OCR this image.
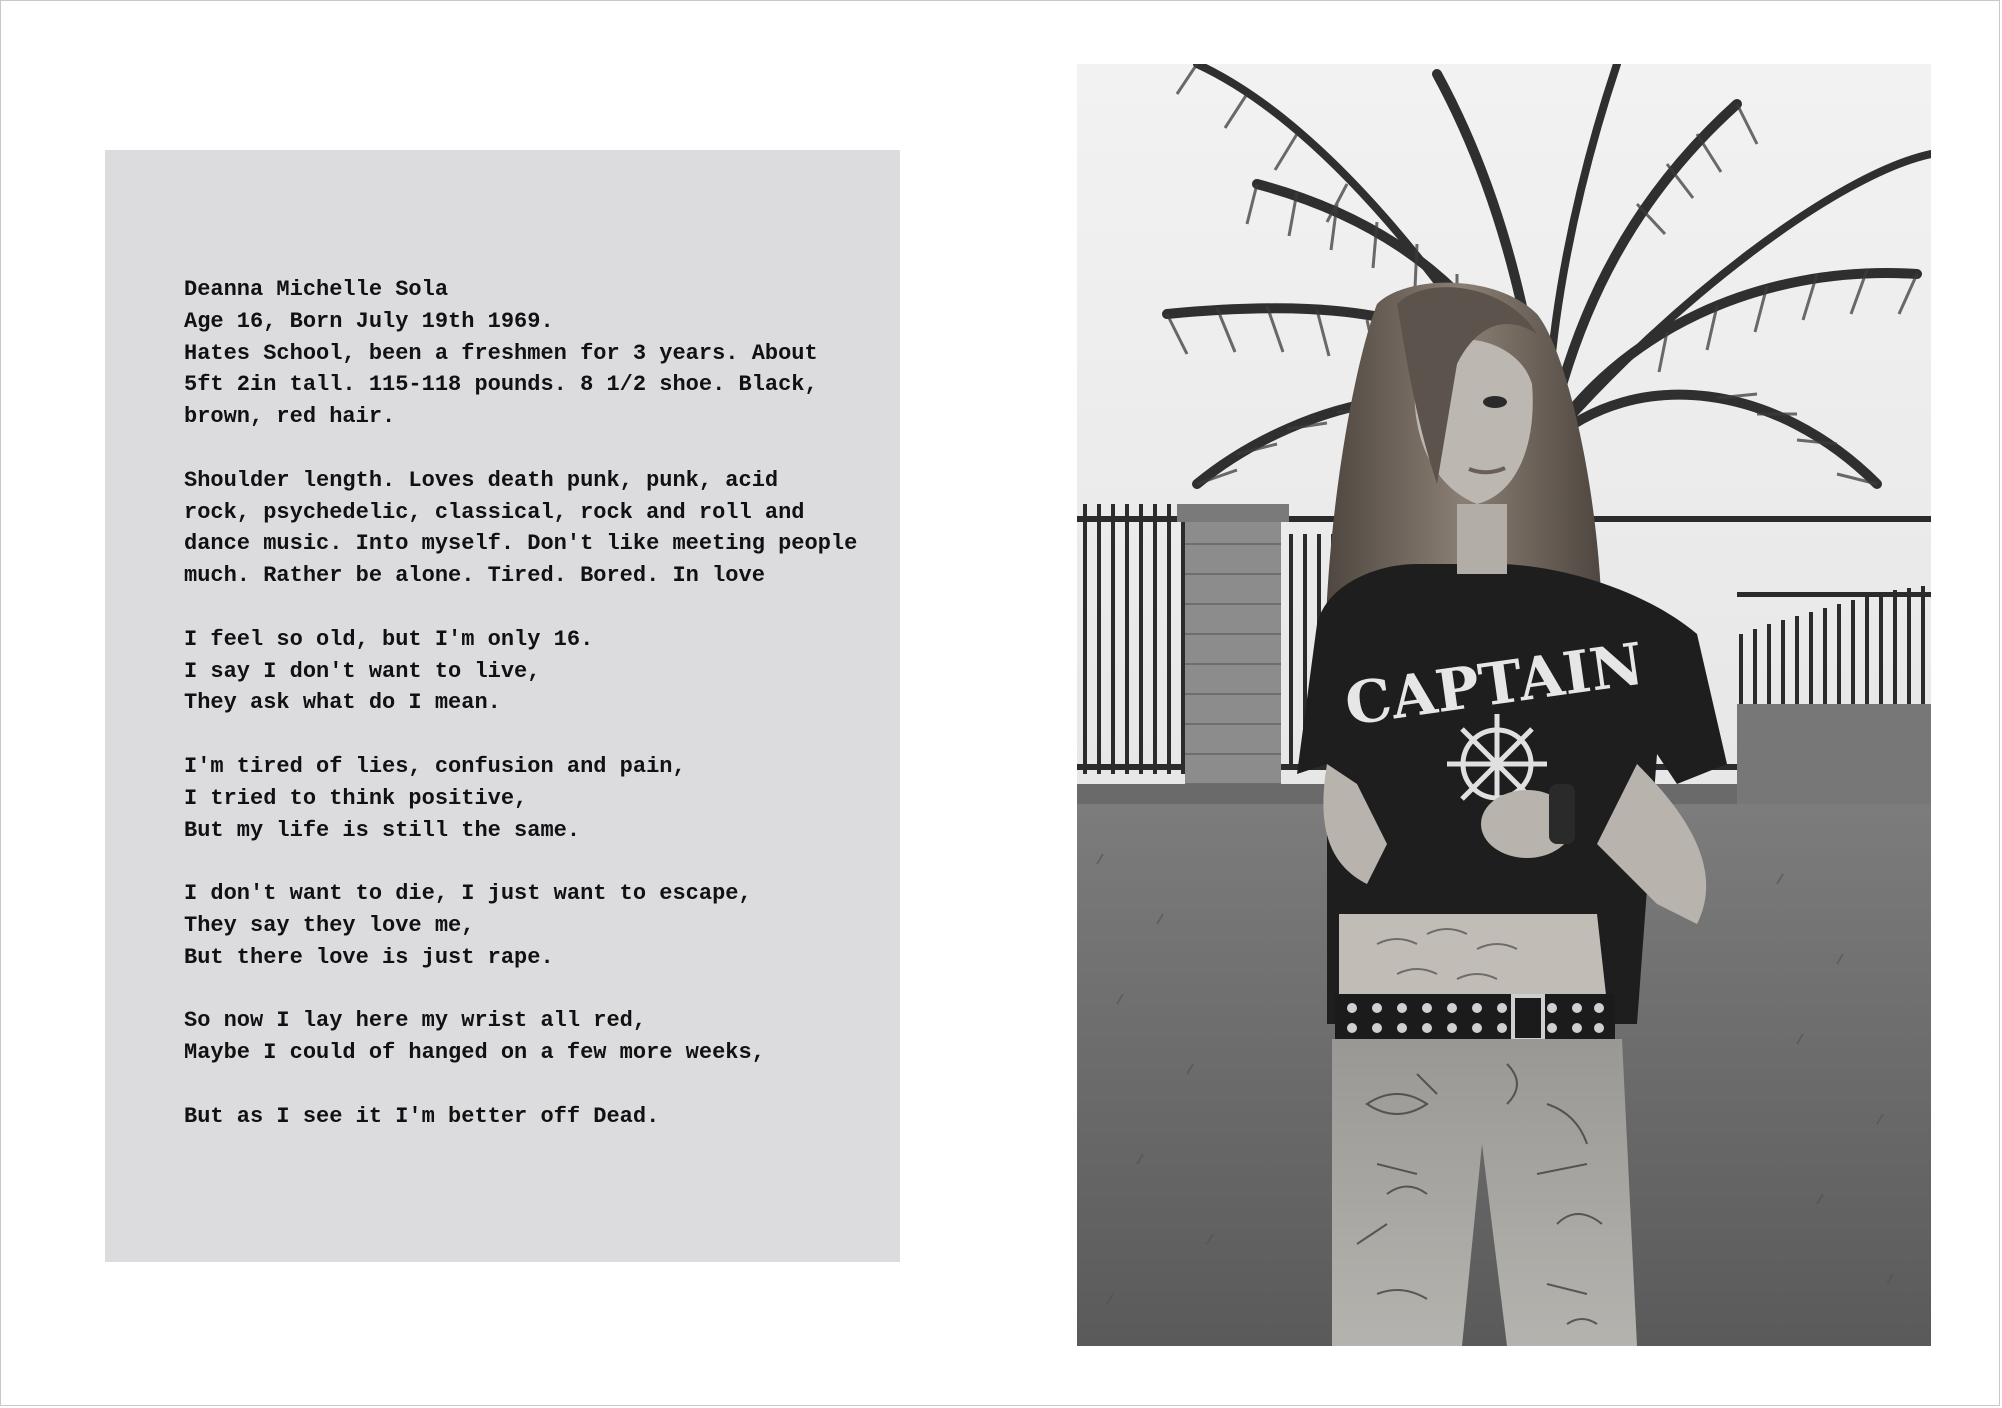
Deanna Michelle Sola
Age 16, Born July 19th 1969.
Hates School, been a freshmen for 3 years. About
5ft 2in tall. 115-118 pounds. 8 1/2 shoe. Black,
brown, red hair.
Shoulder length. Loves death punk, punk, acid
rock, psychedelic, classical, rock and roll and
dance music. Into myself. Don't like meeting people
much. Rather be alone. Tired. Bored. In love
I feel so old, but I'm only 16.
I say I don't want to live,
They ask what do I mean.
I'm tired of lies, confusion and pain,
I tried to think positive,
But my life is still the same.
I don't want to die, I just want to escape,
They say they love me,
But there love is just rape.
So now I lay here my wrist all red,
Maybe I could of hanged on a few more weeks,
But as I see it I'm better off Dead.
CAPTAIN
